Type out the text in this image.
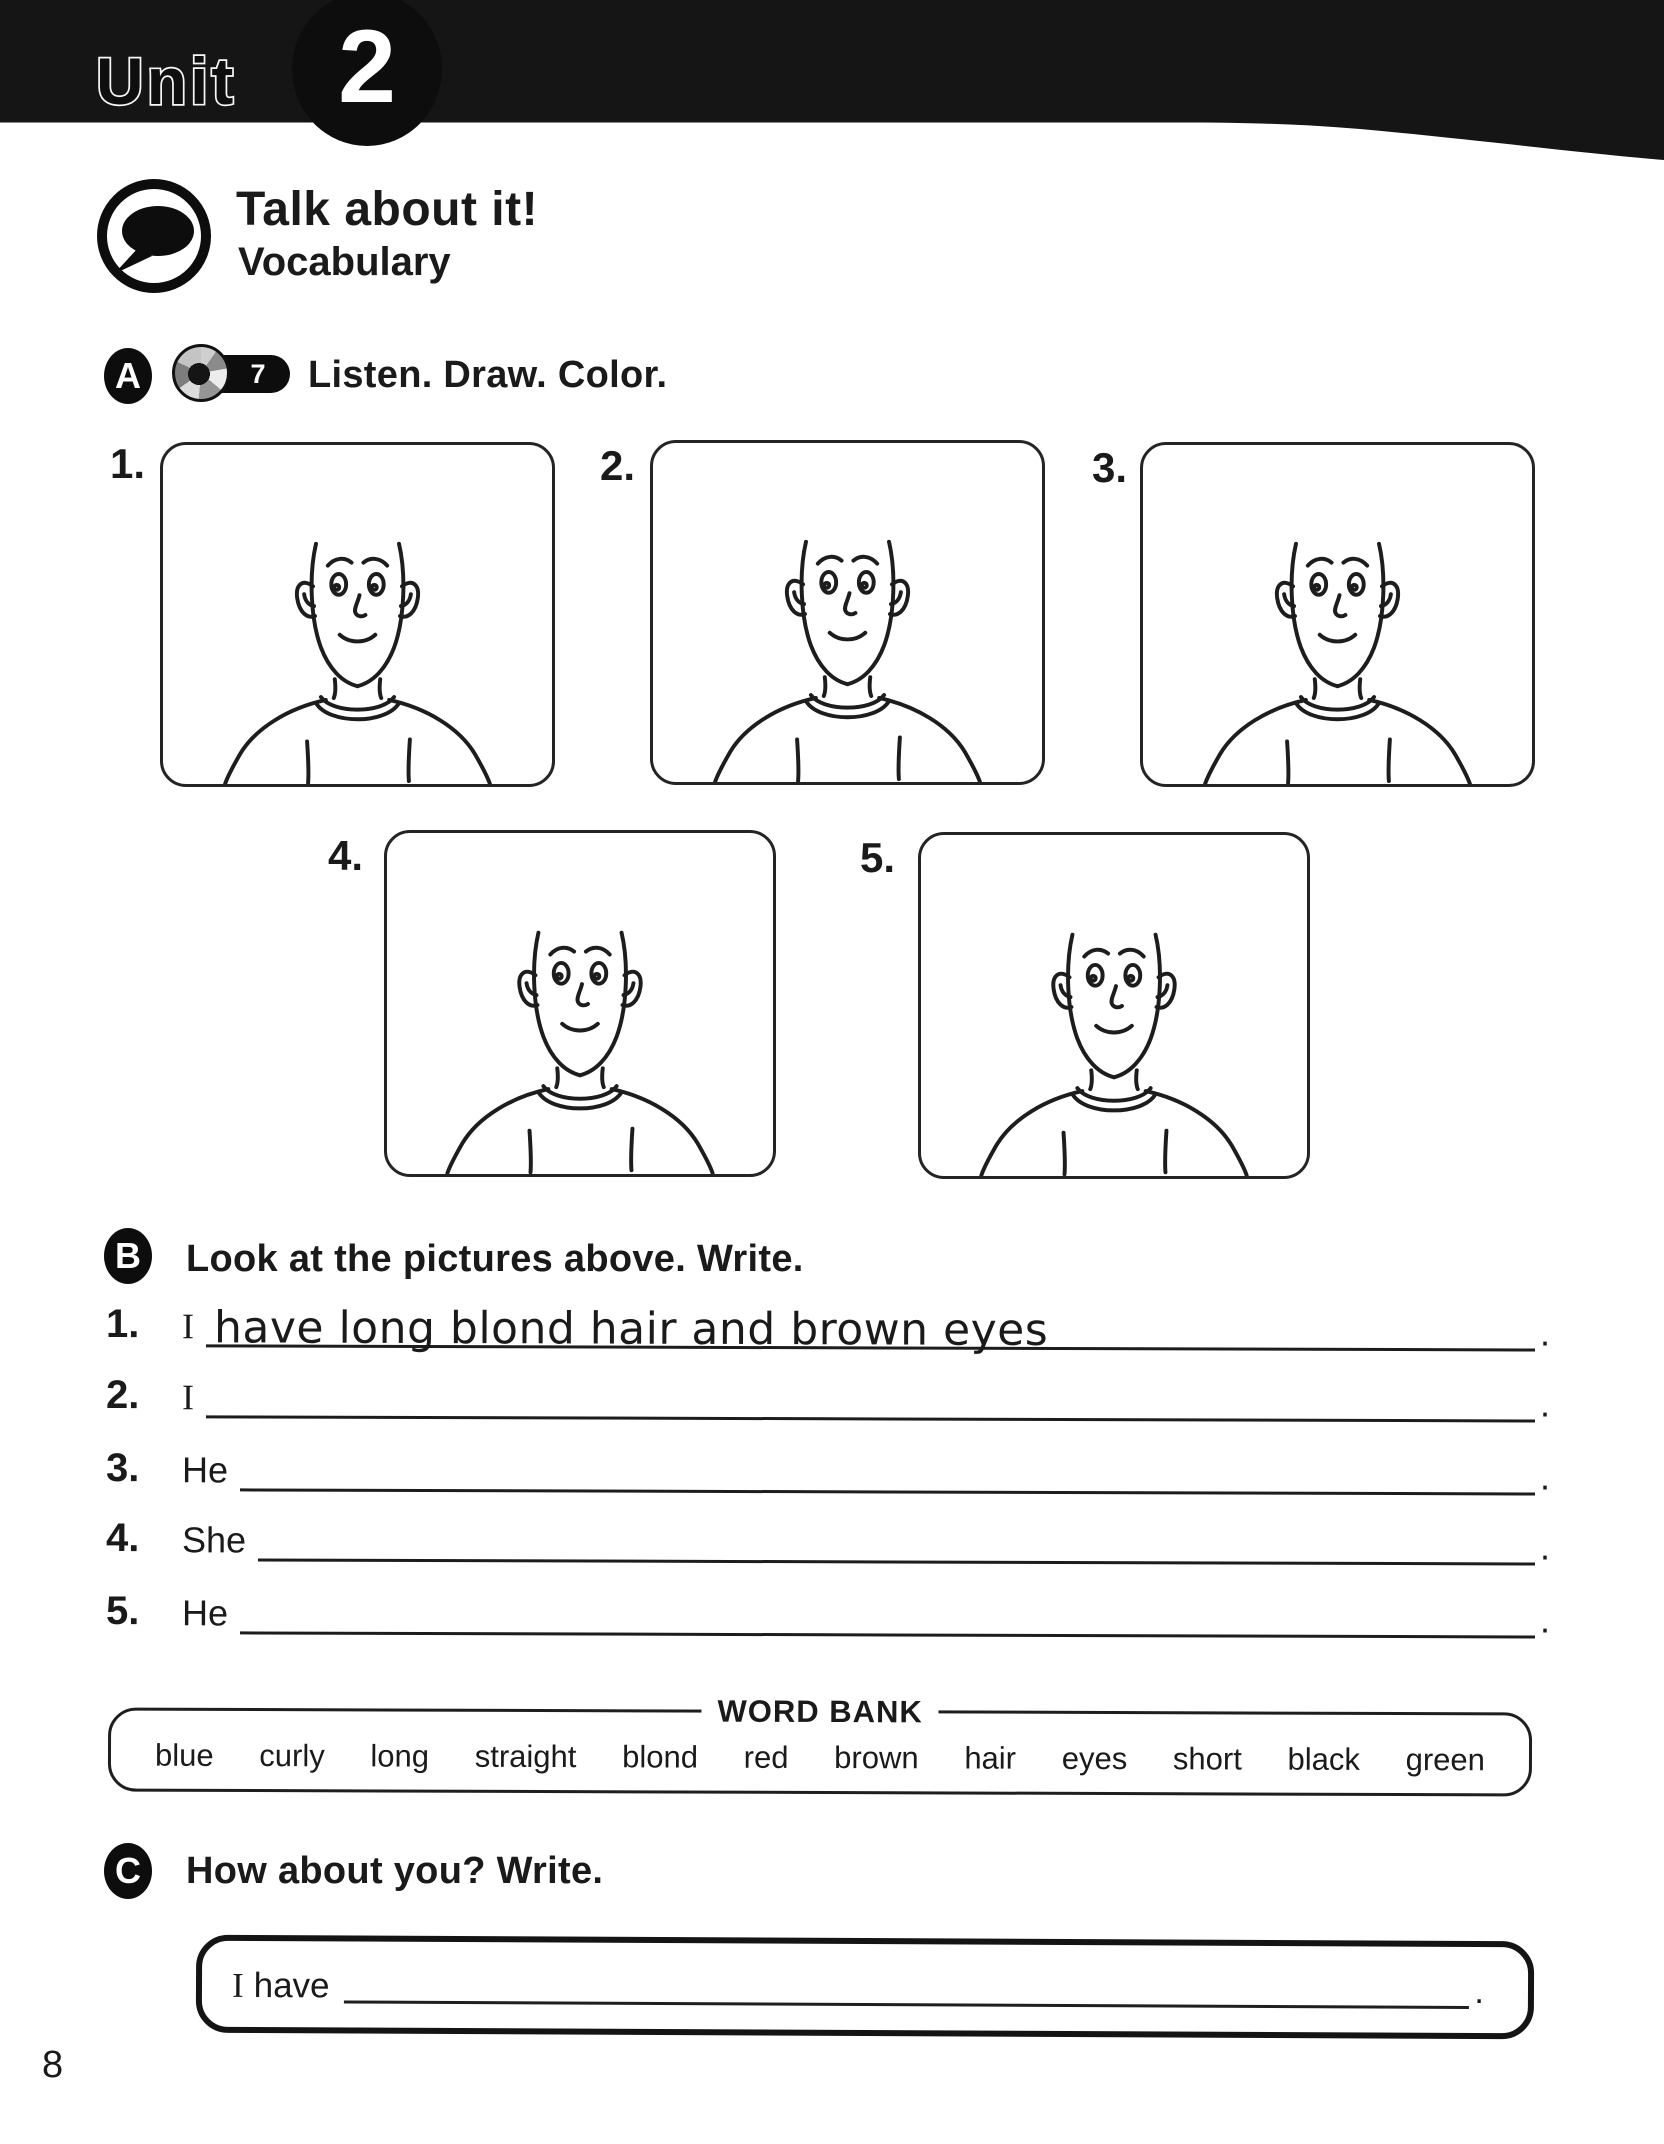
Unit 2
Talk about it!
Vocabulary
A	7	Listen. Draw. Color.
1.	2.	3.
4.	5.
B Look at the pictures above. Write.
1.	I have long blond hair and brown eyes	.
2.	I	.
3.	He	.
4.	She	.
5.	He	.
WORD BANK
blue curly long straight blond red brown hair eyes short black green
C How about you? Write.
I have	.
8
